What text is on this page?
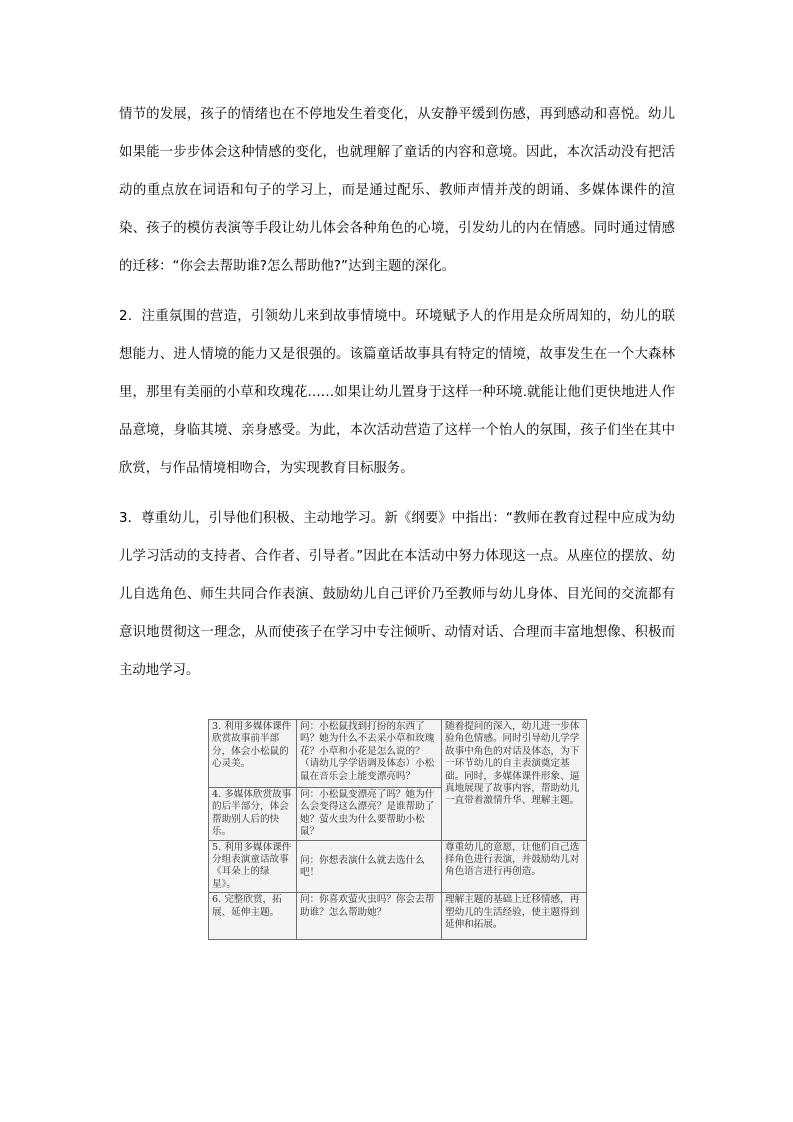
情节的发展，孩子的情绪也在不停地发生着变化，从安静平缓到伤感，再到感动和喜悦。幼儿如果能一步步体会这种情感的变化，也就理解了童话的内容和意境。因此，本次活动没有把活动的重点放在词语和句子的学习上，而是通过配乐、教师声情并茂的朗诵、多媒体课件的渲染、孩子的模仿表演等手段让幼儿体会各种角色的心境，引发幼儿的内在情感。同时通过情感的迁移：“你会去帮助谁?怎么帮助他?”达到主题的深化。

2．注重氛围的营造，引领幼儿来到故事情境中。环境赋予人的作用是众所周知的，幼儿的联想能力、进人情境的能力又是很强的。该篇童话故事具有特定的情境，故事发生在一个大森林里，那里有美丽的小草和玫瑰花……如果让幼儿置身于这样一种环境.就能让他们更快地进人作品意境，身临其境、亲身感受。为此，本次活动营造了这样一个怡人的氛围，孩子们坐在其中欣赏，与作品情境相吻合，为实现教育目标服务。

3．尊重幼儿，引导他们积极、主动地学习。新《纲要》中指出：“教师在教育过程中应成为幼儿学习活动的支持者、合作者、引导者。”因此在本活动中努力体现这一点。从座位的摆放、幼儿自选角色、师生共同合作表演、鼓励幼儿自己评价乃至教师与幼儿身体、目光间的交流都有意识地贯彻这一理念，从而使孩子在学习中专注倾听、动情对话、合理而丰富地想像、积极而主动地学习。

3. 利用多媒体课件欣赏故事前半部分，体会小松鼠的心灵美。	问：小松鼠找到打扮的东西了吗？她为什么不去采小草和玫瑰花？小草和小花是怎么说的？（请幼儿学学语调及体态）小松鼠在音乐会上能变漂亮吗？	随着提问的深入，幼儿进一步体验角色情感。同时引导幼儿学学故事中角色的对话及体态，为下一环节幼儿的自主表演奠定基础。同时，多媒体课件形象、逼真地展现了故事内容，帮助幼儿一直带着激情升华、理解主题。
4. 多媒体欣赏故事的后半部分，体会帮助别人后的快乐。	问：小松鼠变漂亮了吗？她为什么会变得这么漂亮？是谁帮助了她？萤火虫为什么要帮助小松鼠？	
5. 利用多媒体课件分组表演童话故事《耳朵上的绿星》。	问：你想表演什么就去选什么吧！	尊重幼儿的意愿，让他们自己选择角色进行表演，并鼓励幼儿对角色语言进行再创造。
6. 完整欣赏，拓展、延伸主题。	问：你喜欢萤火虫吗？你会去帮助谁？怎么帮助她？	理解主题的基础上迁移情感，再塑幼儿的生活经验，使主题得到延伸和拓展。
